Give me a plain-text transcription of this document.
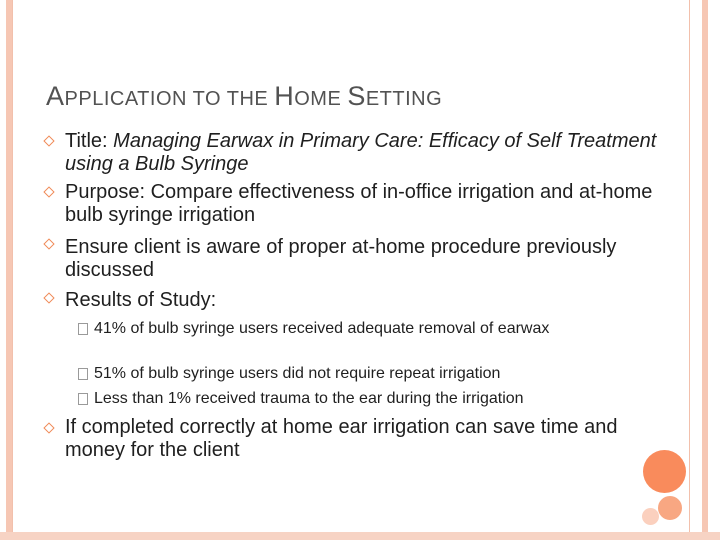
APPLICATION TO THE HOME SETTING
Title: Managing Earwax in Primary Care: Efficacy of Self Treatment using a Bulb Syringe
Purpose: Compare effectiveness of in-office irrigation and at-home bulb syringe irrigation
Ensure client is aware of proper at-home procedure previously discussed
Results of Study:
41% of bulb syringe users received adequate removal of earwax
51% of bulb syringe users did not require repeat irrigation
Less than 1% received trauma to the ear during the irrigation
If completed correctly at home ear irrigation can save time and money for the client
